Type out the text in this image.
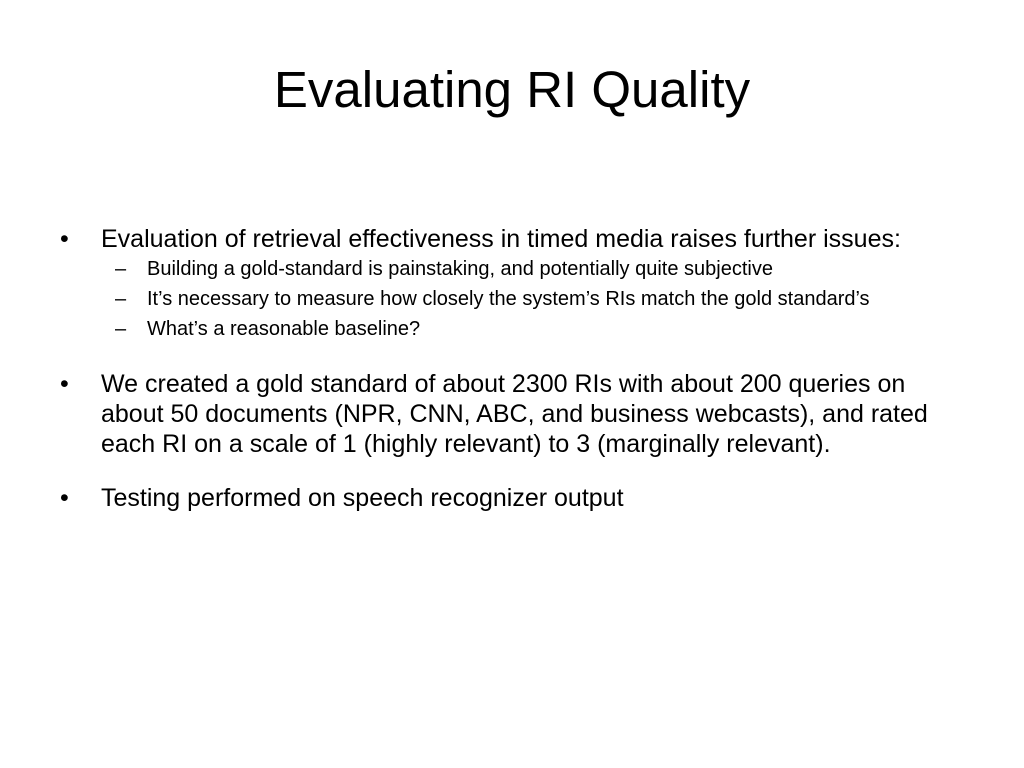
Evaluating RI Quality
•	Evaluation of retrieval effectiveness in timed media raises further issues:
– Building a gold-standard is painstaking, and potentially quite subjective
– It’s necessary to measure how closely the system’s RIs match the gold standard’s
– What’s a reasonable baseline?
•	We created a gold standard of about 2300 RIs with about 200 queries on about 50 documents (NPR, CNN, ABC, and business webcasts), and rated each RI on a scale of 1 (highly relevant) to 3 (marginally relevant).
•	Testing performed on speech recognizer output
